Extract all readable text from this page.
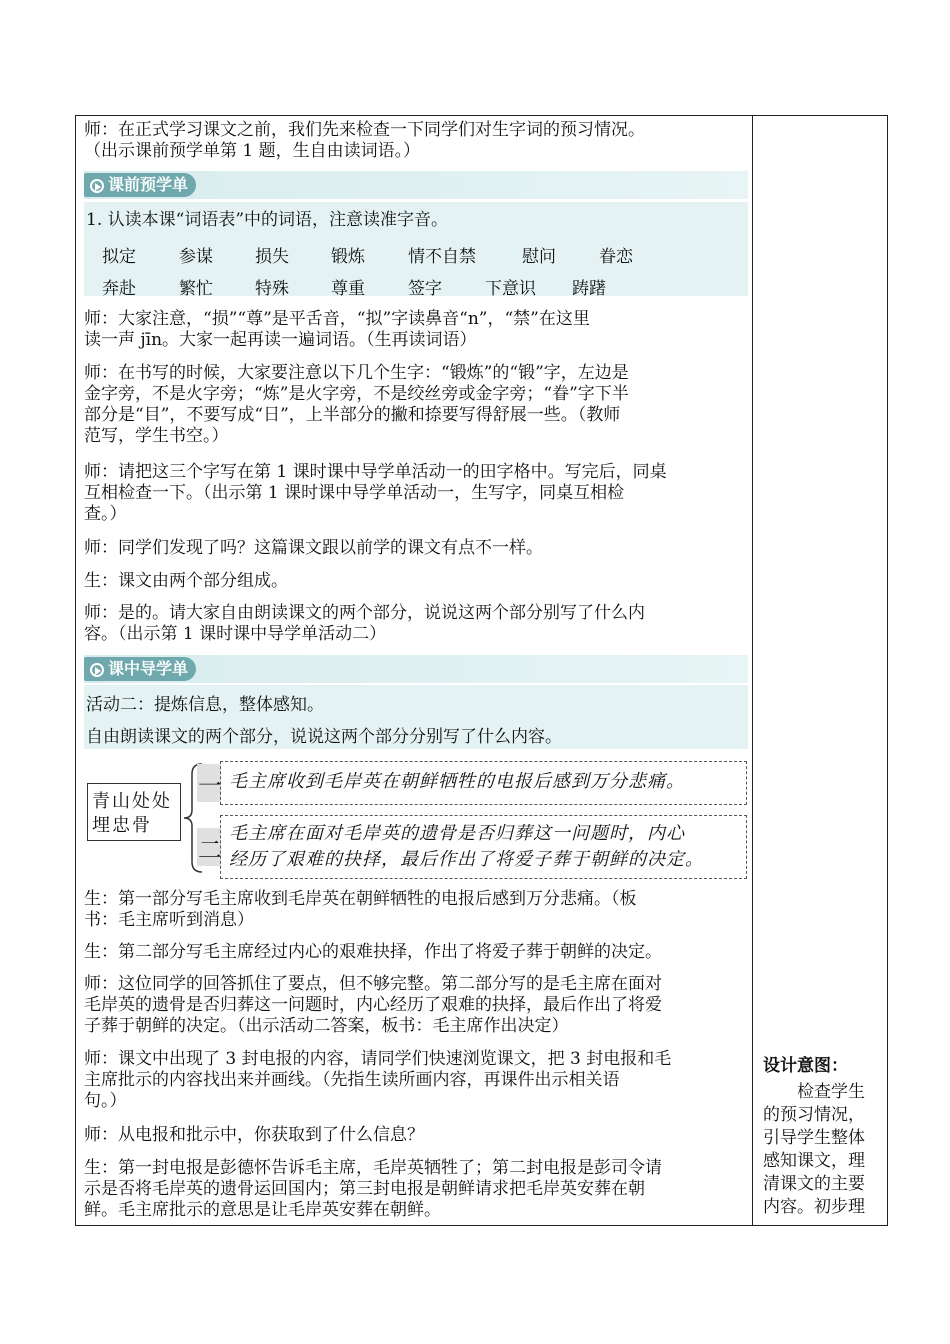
师：在正式学习课文之前，我们先来检查一下同学们对生字词的预习情况。

（出示课前预学单第 1 题，生自由读词语。）

课前预学单

1. 认读本课“词语表”中的词语，注意读准字音。

拟定	参谋 损失 锻炼	情不自禁	慰问	眷恋
奔赴	繁忙 特殊 尊重	签字	下意识 踌躇

师：大家注意，“损”“尊”是平舌音，“拟”字读鼻音“n”，“禁”在这里

读一声 jīn。大家一起再读一遍词语。（生再读词语）

师：在书写的时候，大家要注意以下几个生字：“锻炼”的“锻”字，左边是

金字旁，不是火字旁；“炼”是火字旁，不是绞丝旁或金字旁；“眷”字下半

部分是“目”，不要写成“日”，上半部分的撇和捺要写得舒展一些。（教师

范写，学生书空。）

师：请把这三个字写在第 1 课时课中导学单活动一的田字格中。写完后，同桌

互相检查一下。（出示第 1 课时课中导学单活动一，生写字，同桌互相检

查。）

师：同学们发现了吗？这篇课文跟以前学的课文有点不一样。

生：课文由两个部分组成。

师：是的。请大家自由朗读课文的两个部分，说说这两个部分别写了什么内

容。（出示第 1 课时课中导学单活动二）

课中导学单

活动二：提炼信息，整体感知。

自由朗读课文的两个部分，说说这两个部分分别写了什么内容。

青山处处
埋忠骨
一
二
毛主席收到毛岸英在朝鲜牺牲的电报后感到万分悲痛。
毛主席在面对毛岸英的遗骨是否归葬这一问题时，内心
经历了艰难的抉择，最后作出了将爱子葬于朝鲜的决定。

生：第一部分写毛主席收到毛岸英在朝鲜牺牲的电报后感到万分悲痛。（板

书：毛主席听到消息）

生：第二部分写毛主席经过内心的艰难抉择，作出了将爱子葬于朝鲜的决定。

师：这位同学的回答抓住了要点，但不够完整。第二部分写的是毛主席在面对

毛岸英的遗骨是否归葬这一问题时，内心经历了艰难的抉择，最后作出了将爱

子葬于朝鲜的决定。（出示活动二答案，板书：毛主席作出决定）

师：课文中出现了 3 封电报的内容，请同学们快速浏览课文，把 3 封电报和毛

主席批示的内容找出来并画线。（先指生读所画内容，再课件出示相关语

句。）

师：从电报和批示中，你获取到了什么信息？

生：第一封电报是彭德怀告诉毛主席，毛岸英牺牲了；第二封电报是彭司令请

示是否将毛岸英的遗骨运回国内；第三封电报是朝鲜请求把毛岸英安葬在朝

鲜。毛主席批示的意思是让毛岸英安葬在朝鲜。

设计意图：
　　检查学生
的预习情况，
引导学生整体
感知课文，理
清课文的主要
内容。初步理
